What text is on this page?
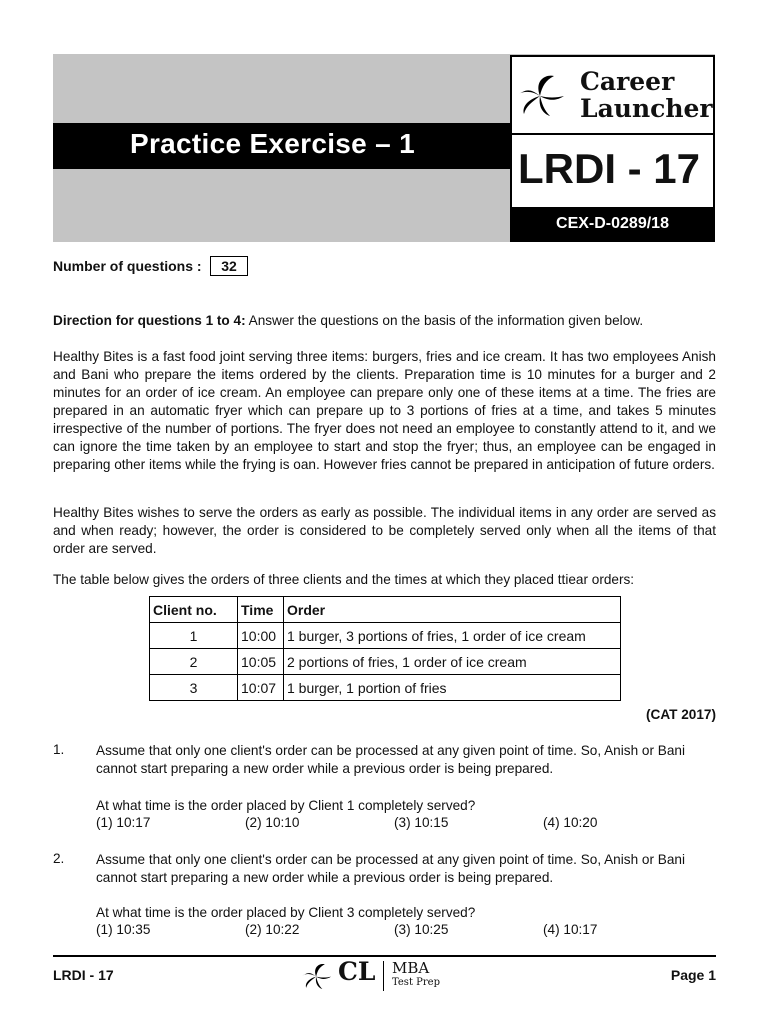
Practice Exercise – 1
Career
Launcher
LRDI - 17
CEX-D-0289/18
Number of questions :	32
Direction for questions 1 to 4: Answer the questions on the basis of the information given below.
Healthy Bites is a fast food joint serving three items: burgers, fries and ice cream. It has two employees Anish and Bani who prepare the items ordered by the clients. Preparation time is 10 minutes for a burger and 2 minutes for an order of ice cream. An employee can prepare only one of these items at a time. The fries are prepared in an automatic fryer which can prepare up to 3 portions of fries at a time, and takes 5 minutes irrespective of the number of portions. The fryer does not need an employee to constantly attend to it, and we can ignore the time taken by an employee to start and stop the fryer; thus, an employee can be engaged in preparing other items while the frying is oan. However fries cannot be prepared in anticipation of future orders.
Healthy Bites wishes to serve the orders as early as possible. The individual items in any order are served as and when ready; however, the order is considered to be completely served only when all the items of that order are served.
The table below gives the orders of three clients and the times at which they placed ttiear orders:
Client no.	Time	Order
1	10:00	1 burger, 3 portions of fries, 1 order of ice cream
2	10:05	2 portions of fries, 1 order of ice cream
3	10:07	1 burger, 1 portion of fries
(CAT 2017)
1. Assume that only one client's order can be processed at any given point of time. So, Anish or Bani cannot start preparing a new order while a previous order is being prepared.
At what time is the order placed by Client 1 completely served?
(1) 10:17	(2) 10:10	(3) 10:15	(4) 10:20
2. Assume that only one client's order can be processed at any given point of time. So, Anish or Bani cannot start preparing a new order while a previous order is being prepared.
At what time is the order placed by Client 3 completely served?
(1) 10:35	(2) 10:22	(3) 10:25	(4) 10:17
LRDI - 17	CL MBA
Test Prep	Page 1
